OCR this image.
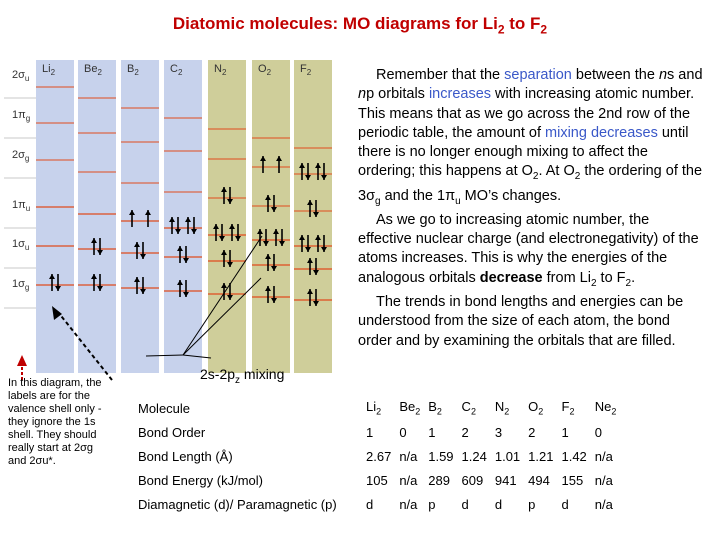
Diatomic molecules: MO diagrams for $Li_2$ to $F_2$
$Li_2$	$Be_2$ $B_2$	$C_2$	$N_2$	$O_2$	$F_2$
$2\sigma_u$
$1\pi_g$
$2\sigma_g$
$1\pi_u$
$1\sigma_u$
$1\sigma_g$
In this diagram, the labels are for the valence shell only - they ignore the 1s shell. They should really start at 2σg and 2σu*.
$2s-2p_z$ mixing

Remember that the separation between the ns and np orbitals increases with increasing atomic number. This means that as we go across the 2nd row of the periodic table, the amount of mixing decreases until there is no longer enough mixing to affect the ordering; this happens at $O_2$. At $O_2$ the ordering of the $3\sigma_g$ and the $1\pi_u$ MO’s changes.

As we go to increasing atomic number, the effective nuclear charge (and electronegativity) of the atoms increases. This is why the energies of the analogous orbitals decrease from $Li_2$ to $F_2$.

The trends in bond lengths and energies can be understood from the size of each atom, the bond order and by examining the orbitals that are filled.

Molecule	$Li_2$	$Be_2$	$B_2$	$C_2$	$N_2$	$O_2$	$F_2$	$Ne_2$
Bond Order	1	0	1	2	3	2	1	0
Bond Length (Å)	2.67	n/a	1.59	1.24	1.01	1.21	1.42	n/a
Bond Energy (kJ/mol)	105	n/a	289	609	941	494	155	n/a
Diamagnetic (d)/ Paramagnetic (p)	d	n/a	p	d	d	p	d	n/a
